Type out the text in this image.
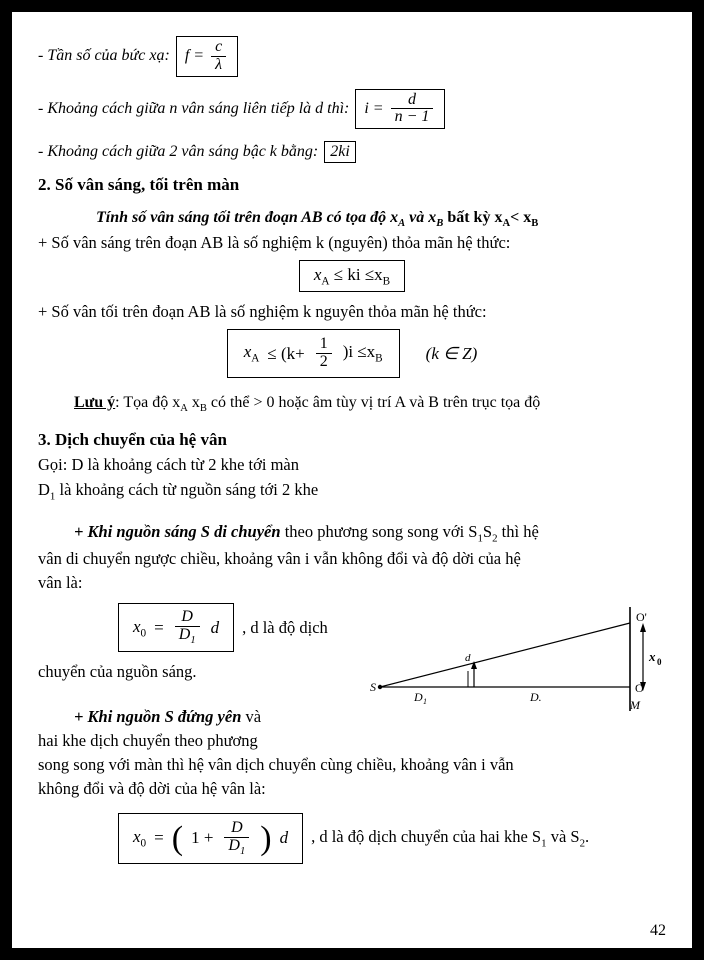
- Tần số của bức xạ: $f = \frac{c}{\lambda}$
- Khoảng cách giữa n vân sáng liên tiếp là d thì: $i = \frac{d}{n - 1}$
- Khoảng cách giữa 2 vân sáng bậc k bằng: 2ki
2. Số vân sáng, tối trên màn
Tính số vân sáng tối trên đoạn AB có tọa độ $x_A$ và $x_B$ bất kỳ $x_A< x_B$
+ Số vân sáng trên đoạn AB là số nghiệm k (nguyên) thỏa mãn hệ thức:
$x_A$ ≤ ki $\le x_B$
+ Số vân tối trên đoạn AB là số nghiệm k nguyên thỏa mãn hệ thức:
$x_A \le (k+ \frac{1}{2} )i \le x_B$	(k ∈ Z)
Lưu ý: Tọa độ $x_A$ $x_B$ có thể > 0 hoặc âm tùy vị trí A và B trên trục tọa độ
3. Dịch chuyển của hệ vân
Gọi: D là khoảng cách từ 2 khe tới màn
$D_1$ là khoảng cách từ nguồn sáng tới 2 khe
+ Khi nguồn sáng S di chuyển theo phương song song với $S_1S_2$ thì hệ
vân di chuyển ngược chiều, khoảng vân i vẫn không đổi và độ dời của hệ
vân là:
$x_0 = \frac{D}{D_1}$ d , d là độ dịch
S
D 1	D.
d
O'
x 0
O
M
chuyển của nguồn sáng.
+ Khi nguồn S đứng yên và
hai khe dịch chuyển theo phương
song song với màn thì hệ vân dịch chuyển cùng chiều, khoảng vân i vẫn
không đổi và độ dời của hệ vân là:
$x_0$ = ( $1 + \frac{D}{D_1}$ ) d , d là độ dịch chuyển của hai khe $S_1$ và $S_2$.
42
